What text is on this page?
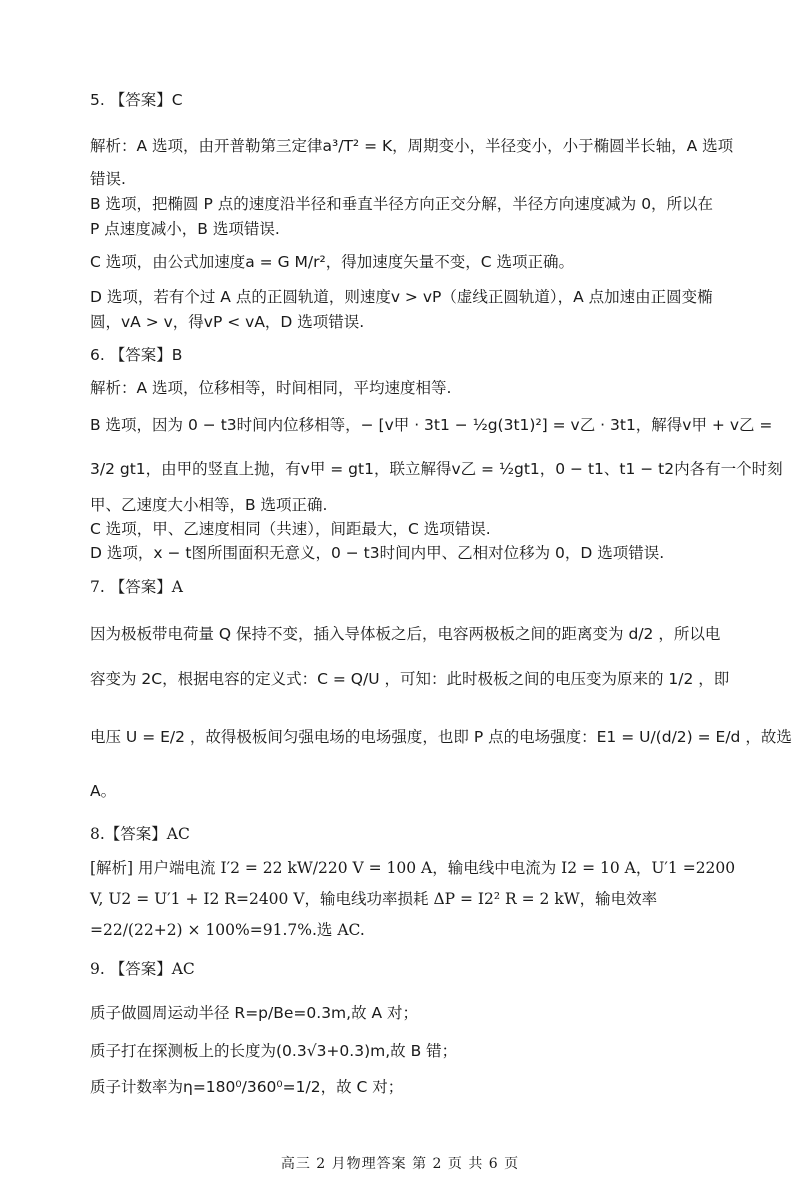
5. 【答案】C
解析：A 选项，由开普勒第三定律a³/T² = K，周期变小，半径变小，小于椭圆半长轴，A 选项
错误.
B 选项，把椭圆 P 点的速度沿半径和垂直半径方向正交分解，半径方向速度减为 0，所以在
P 点速度减小，B 选项错误.
C 选项，由公式加速度a = G M/r²，得加速度矢量不变，C 选项正确。
D 选项，若有个过 A 点的正圆轨道，则速度v > vP（虚线正圆轨道），A 点加速由正圆变椭
圆，vA > v，得vP < vA，D 选项错误.
6. 【答案】B
解析：A 选项，位移相等，时间相同，平均速度相等.
B 选项，因为 0 − t3时间内位移相等，− [v甲 · 3t1 − ½g(3t1)²] = v乙 · 3t1，解得v甲 + v乙 =
3/2 gt1，由甲的竖直上抛，有v甲 = gt1，联立解得v乙 = ½gt1，0 − t1、t1 − t2内各有一个时刻
甲、乙速度大小相等，B 选项正确.
C 选项，甲、乙速度相同（共速），间距最大，C 选项错误.
D 选项，x − t图所围面积无意义，0 − t3时间内甲、乙相对位移为 0，D 选项错误.
7. 【答案】A
因为极板带电荷量 Q 保持不变，插入导体板之后，电容两极板之间的距离变为 d/2 ，所以电
容变为 2C，根据电容的定义式：C = Q/U ，可知：此时极板之间的电压变为原来的 1/2 ，即
电压 U = E/2 ，故得极板间匀强电场的电场强度，也即 P 点的电场强度：E1 = U/(d/2) = E/d ，故选
A。
8.【答案】AC
[解析] 用户端电流 I′2 = 22 kW/220 V = 100 A，输电线中电流为 I2 = 10 A，U′1 =2200
V, U2 = U′1 + I2 R=2400 V，输电线功率损耗 ΔP = I2² R = 2 kW，输电效率
=22/(22+2) × 100%=91.7%.选 AC.
9. 【答案】AC
质子做圆周运动半径 R=p/Be=0.3m,故 A 对；
质子打在探测板上的长度为(0.3√3+0.3)m,故 B 错；
质子计数率为η=180⁰/360⁰=1/2，故 C 对；
高三 2 月物理答案 第 2 页 共 6 页
